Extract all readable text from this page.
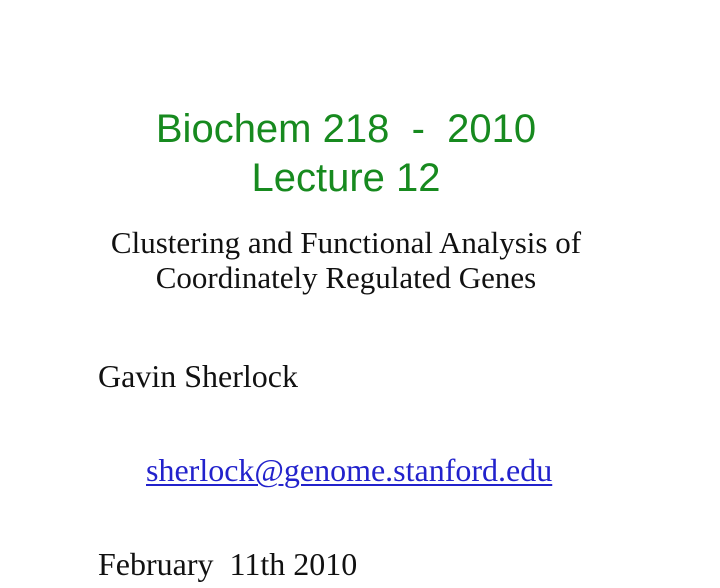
Biochem 218  -  2010
Lecture 12
Clustering and Functional Analysis of
Coordinately Regulated Genes
Gavin Sherlock

sherlock@genome.stanford.edu

February  11th 2010
